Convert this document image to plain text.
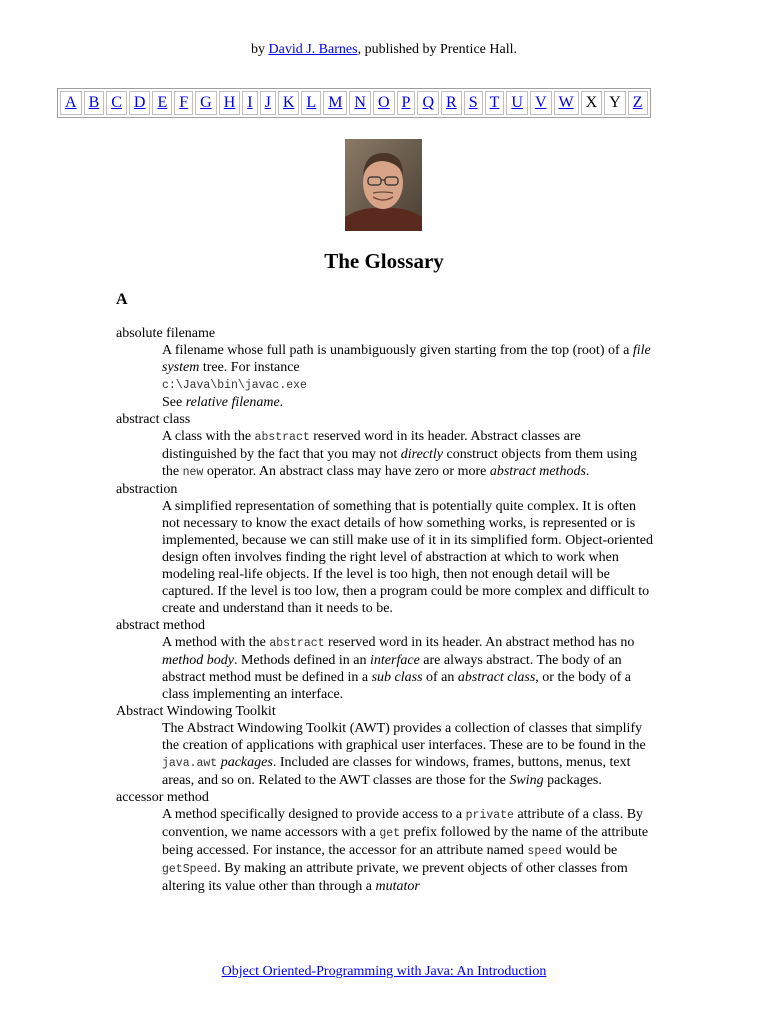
by David J. Barnes, published by Prentice Hall.
A	B	C	D	E	F	G	H	I	J	K	L	M	N	O	P	Q	R	S	T	U	V	W	X	Y	Z
The Glossary
A

absolute filename

A filename whose full path is unambiguously given starting from the top (root) of a file system tree. For instance
c:\Java\bin\javac.exe
See relative filename.

abstract class

A class with the abstract reserved word in its header. Abstract classes are distinguished by the fact that you may not directly construct objects from them using the new operator. An abstract class may have zero or more abstract methods.

abstraction

A simplified representation of something that is potentially quite complex. It is often not necessary to know the exact details of how something works, is represented or is implemented, because we can still make use of it in its simplified form. Object-oriented design often involves finding the right level of abstraction at which to work when modeling real-life objects. If the level is too high, then not enough detail will be captured. If the level is too low, then a program could be more complex and difficult to create and understand than it needs to be.

abstract method

A method with the abstract reserved word in its header. An abstract method has no method body. Methods defined in an interface are always abstract. The body of an abstract method must be defined in a sub class of an abstract class, or the body of a class implementing an interface.

Abstract Windowing Toolkit

The Abstract Windowing Toolkit (AWT) provides a collection of classes that simplify the creation of applications with graphical user interfaces. These are to be found in the java.awt packages. Included are classes for windows, frames, buttons, menus, text areas, and so on. Related to the AWT classes are those for the Swing packages.

accessor method

A method specifically designed to provide access to a private attribute of a class. By convention, we name accessors with a get prefix followed by the name of the attribute being accessed. For instance, the accessor for an attribute named speed would be getSpeed. By making an attribute private, we prevent objects of other classes from altering its value other than through a mutator

Object Oriented-Programming with Java: An Introduction
